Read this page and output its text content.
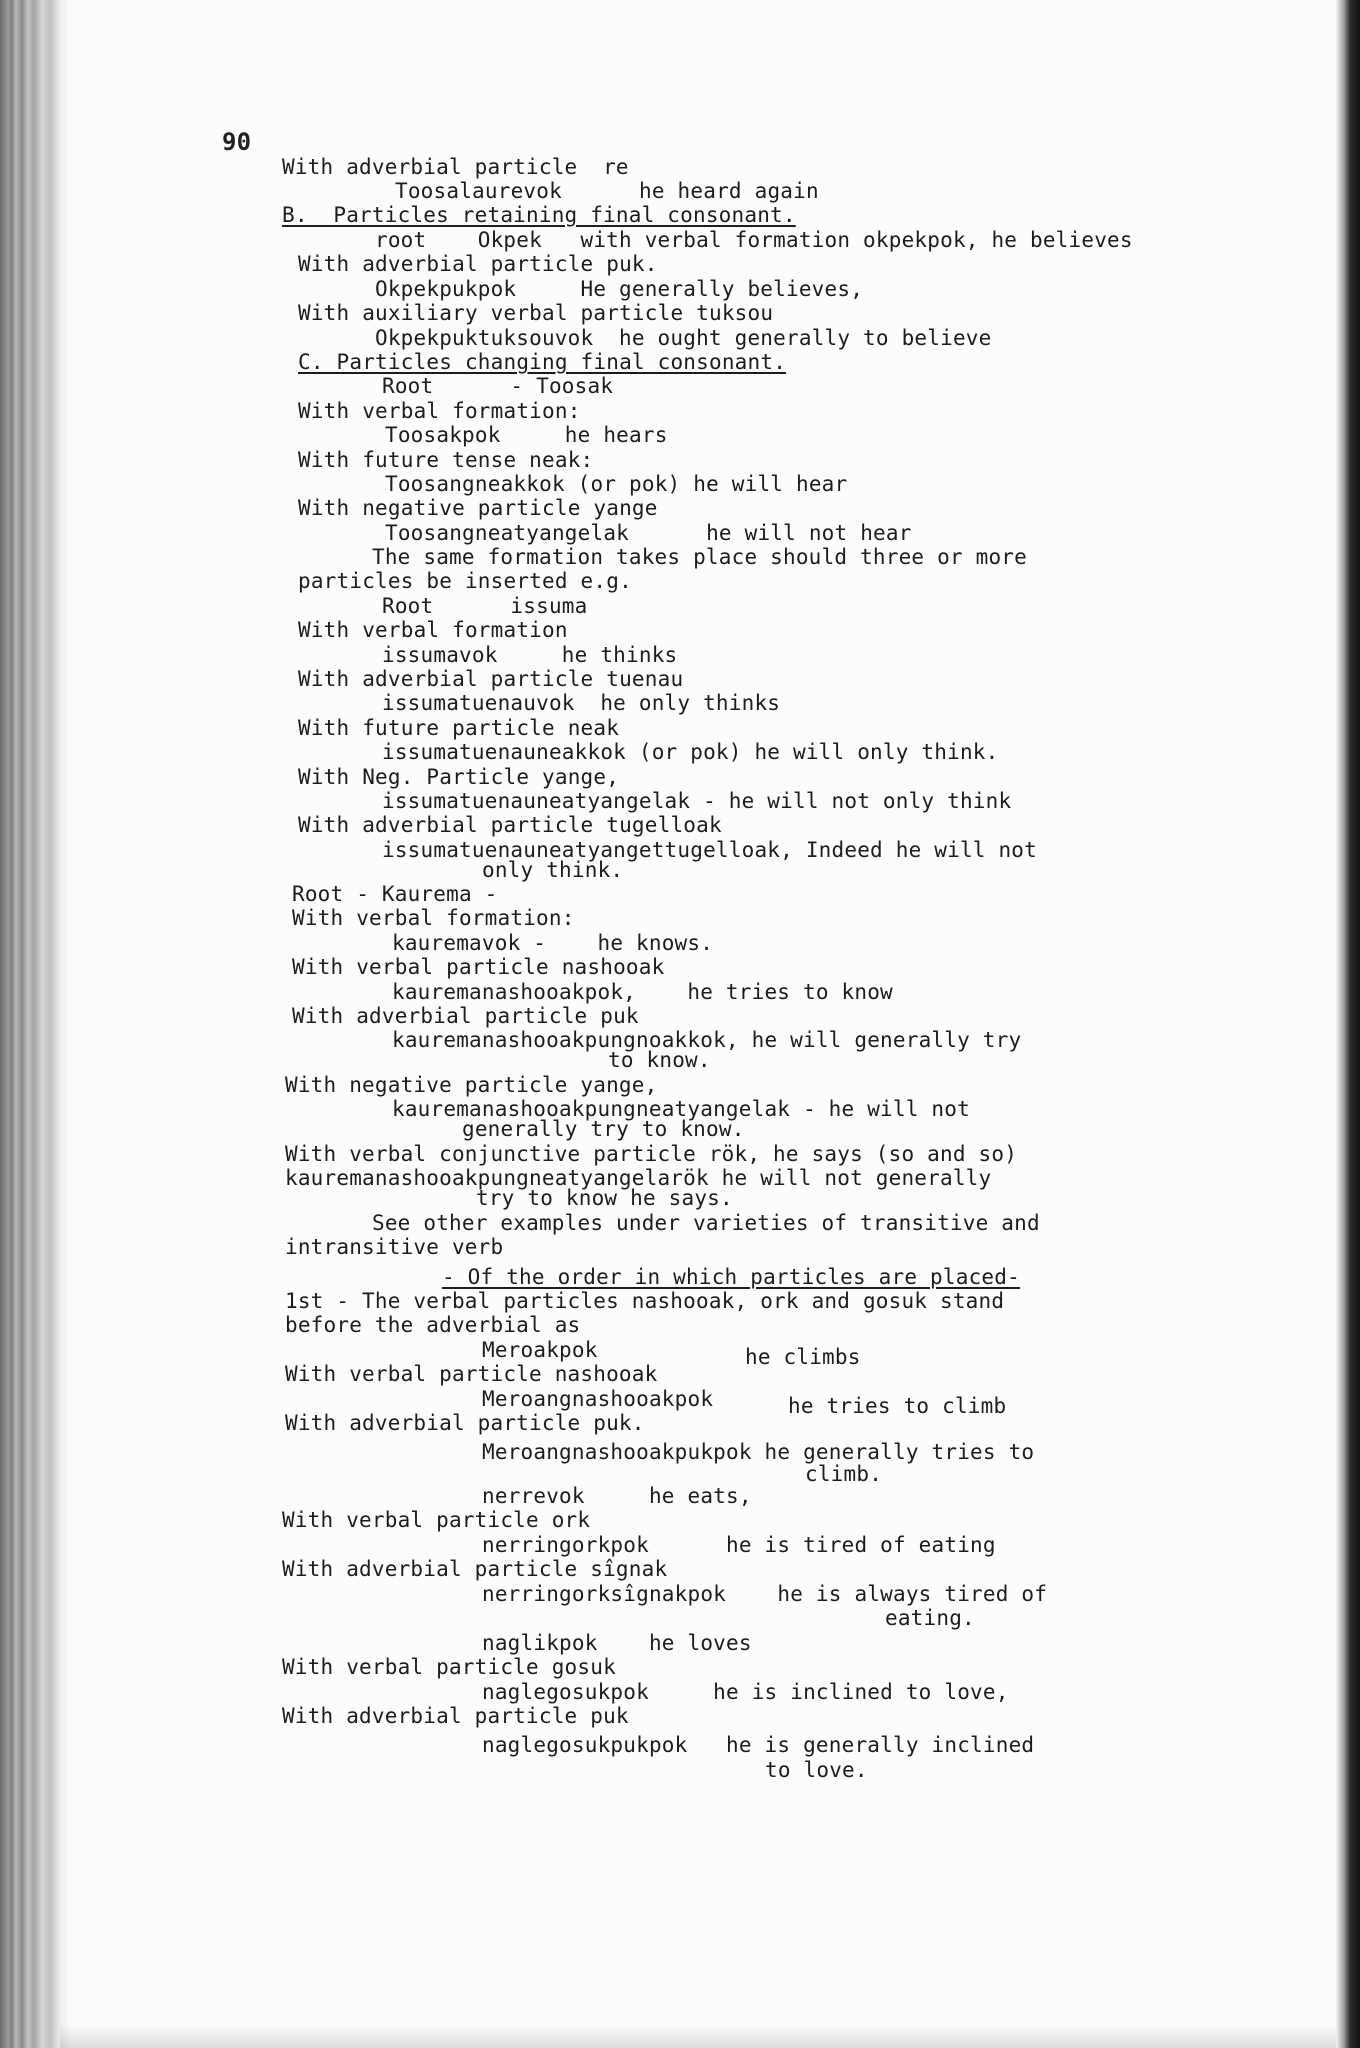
90
With adverbial particle  re
Toosalaurevok      he heard again
B.  Particles retaining final consonant.
root    Okpek   with verbal formation okpekpok, he believes
With adverbial particle puk.
Okpekpukpok     He generally believes,
With auxiliary verbal particle tuksou
Okpekpuktuksouvok  he ought generally to believe
C. Particles changing final consonant.
Root      - Toosak
With verbal formation:
Toosakpok     he hears
With future tense neak:
Toosangneakkok (or pok) he will hear
With negative particle yange
Toosangneatyangelak      he will not hear
The same formation takes place should three or more
particles be inserted e.g.
Root      issuma
With verbal formation
issumavok     he thinks
With adverbial particle tuenau
issumatuenauvok  he only thinks
With future particle neak
issumatuenauneakkok (or pok) he will only think.
With Neg. Particle yange,
issumatuenauneatyangelak - he will not only think
With adverbial particle tugelloak
issumatuenauneatyangettugelloak, Indeed he will not
only think.
Root - Kaurema -
With verbal formation:
kauremavok -    he knows.
With verbal particle nashooak
kauremanashooakpok,    he tries to know
With adverbial particle puk
kauremanashooakpungnoakkok, he will generally try
to know.
With negative particle yange,
kauremanashooakpungneatyangelak - he will not
generally try to know.
With verbal conjunctive particle rök, he says (so and so)
kauremanashooakpungneatyangelarök he will not generally
try to know he says.
See other examples under varieties of transitive and
intransitive verb
- Of the order in which particles are placed-
1st - The verbal particles nashooak, ork and gosuk stand
before the adverbial as
Meroakpok	he climbs
With verbal particle nashooak
Meroangnashooakpok	he tries to climb
With adverbial particle puk.
Meroangnashooakpukpok he generally tries to
climb.
nerrevok     he eats,
With verbal particle ork
nerringorkpok      he is tired of eating
With adverbial particle sîgnak
nerringorksîgnakpok    he is always tired of
eating.
naglikpok    he loves
With verbal particle gosuk
naglegosukpok     he is inclined to love,
With adverbial particle puk
naglegosukpukpok   he is generally inclined
to love.
